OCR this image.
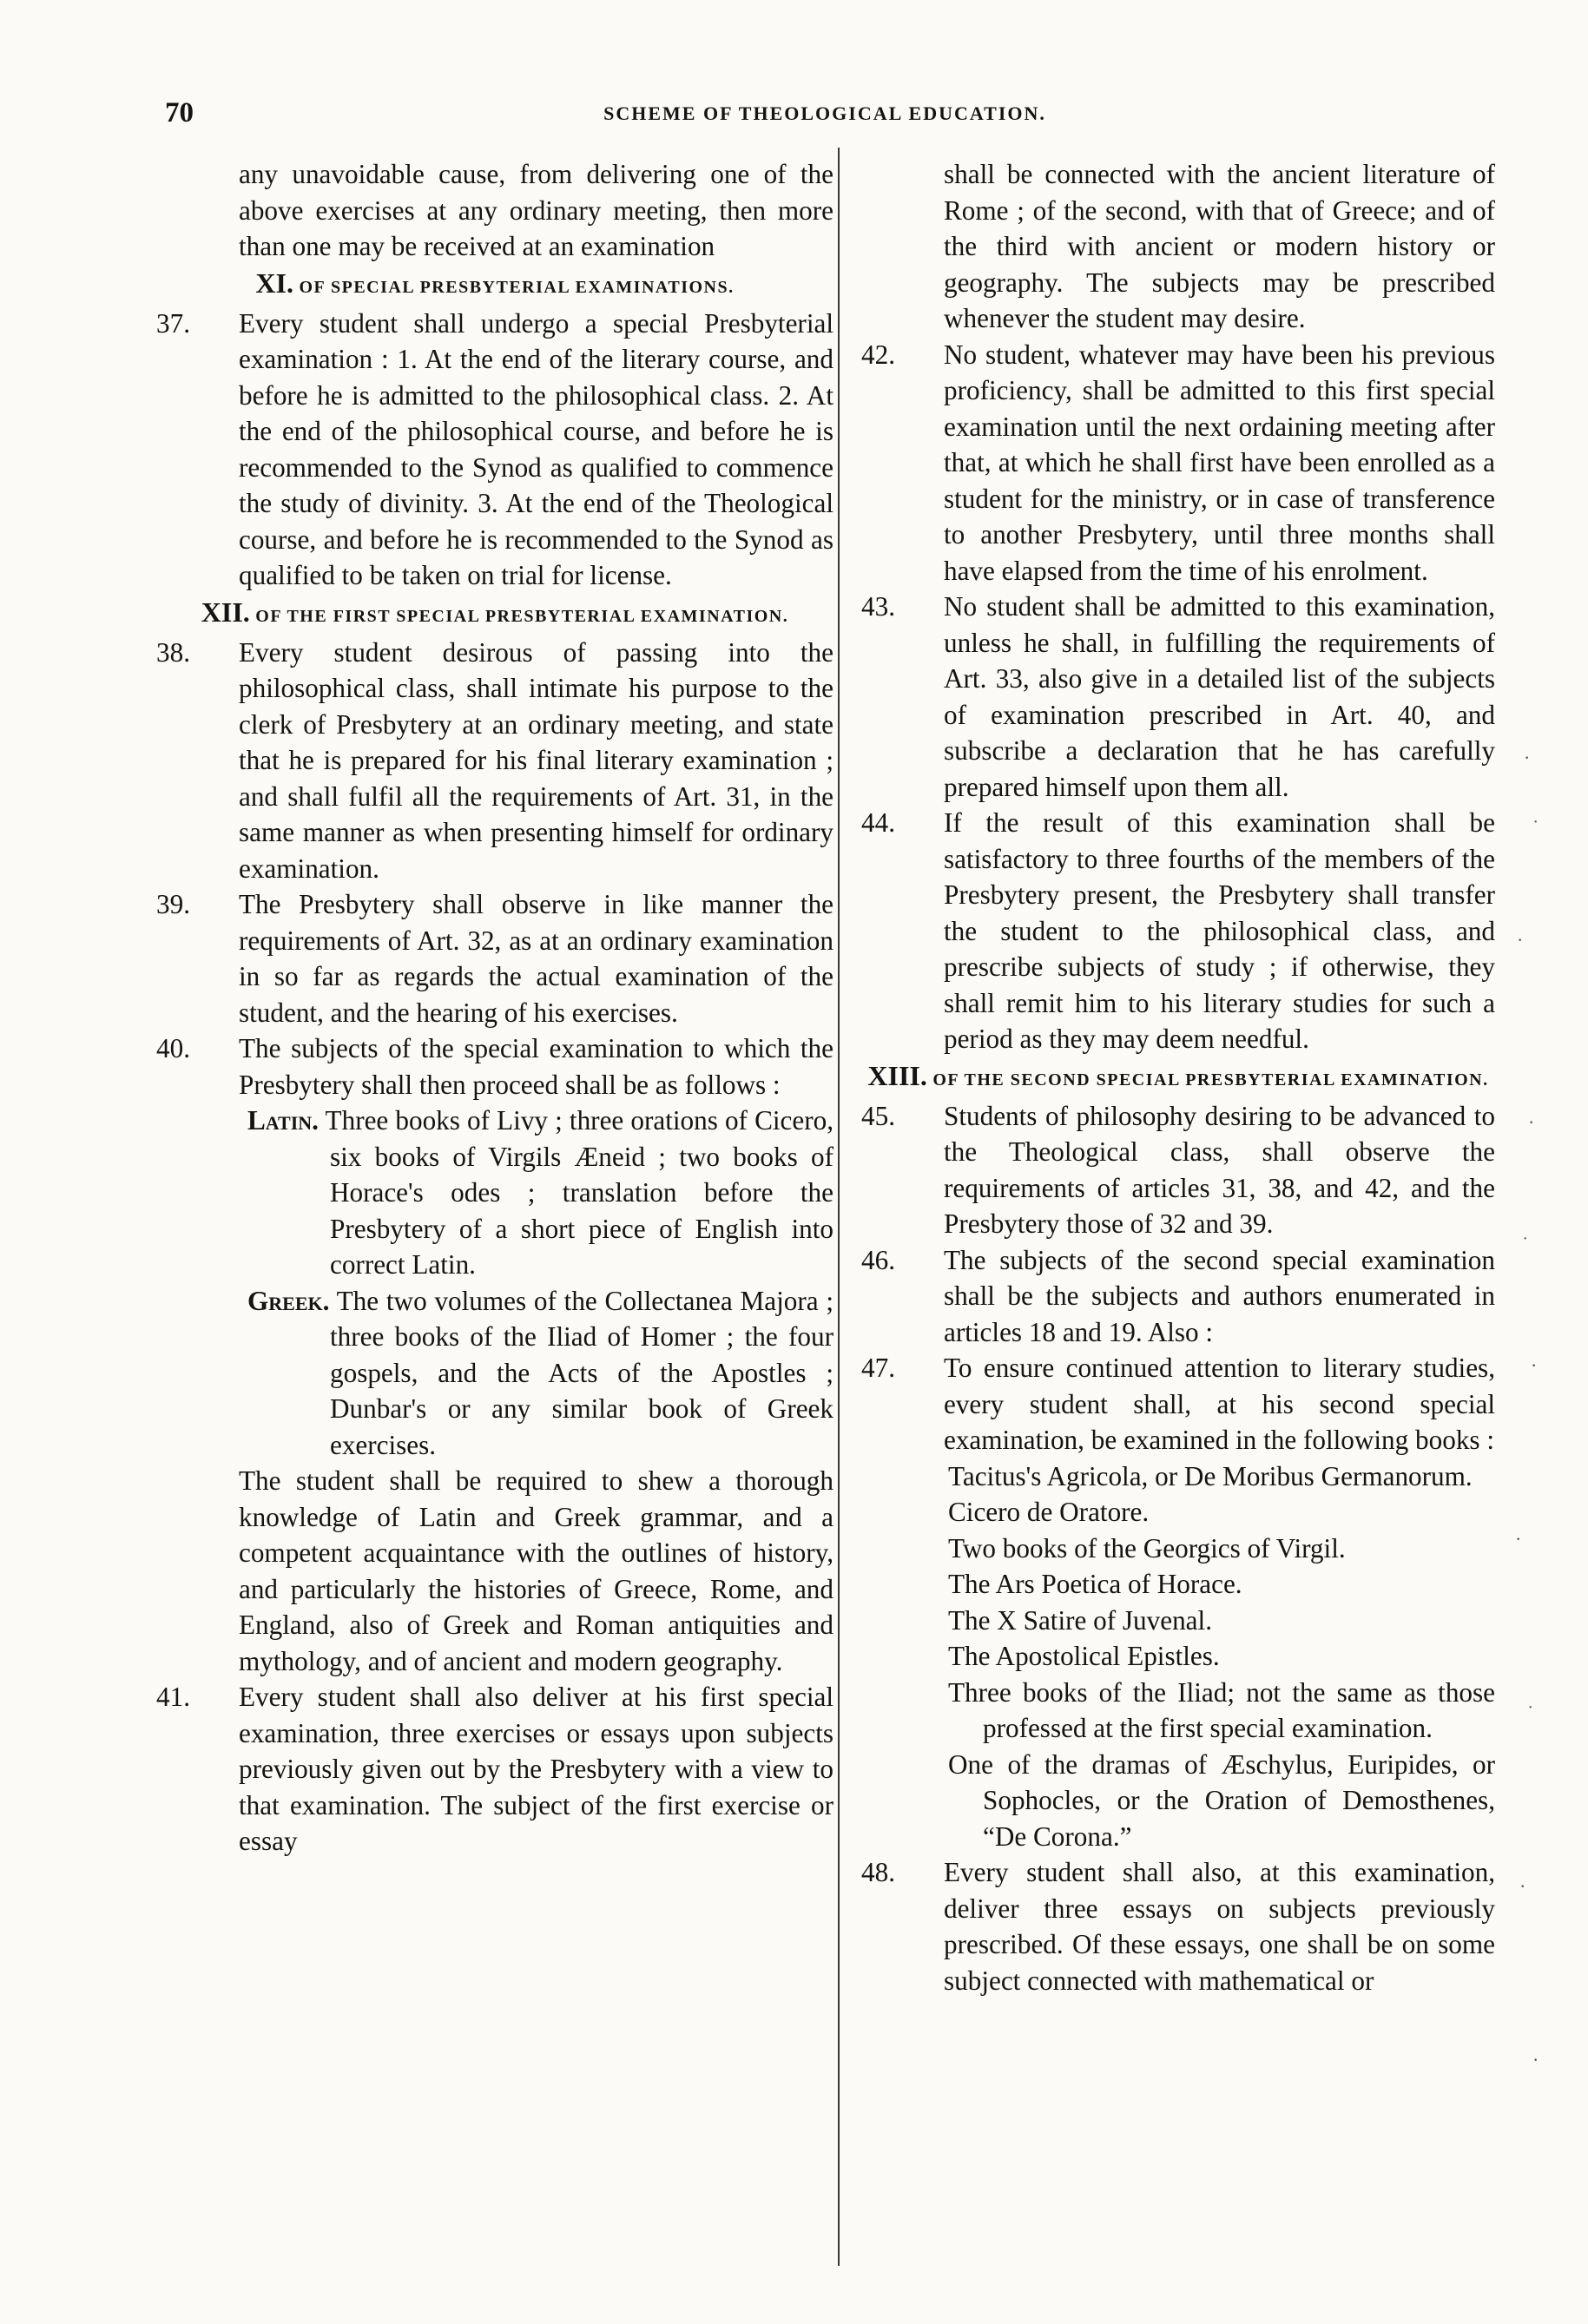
70	SCHEME OF THEOLOGICAL EDUCATION.

any unavoidable cause, from delivering one of the above exercises at any ordinary meeting, then more than one may be received at an examination

XI. OF SPECIAL PRESBYTERIAL EXAMINATIONS.

37. Every student shall undergo a special Presbyterial examination : 1. At the end of the literary course, and before he is admitted to the philosophical class. 2. At the end of the philosophical course, and before he is recommended to the Synod as qualified to commence the study of divinity. 3. At the end of the Theological course, and before he is recommended to the Synod as qualified to be taken on trial for license.

XII. OF THE FIRST SPECIAL PRESBYTERIAL EXAMINATION.

38. Every student desirous of passing into the philosophical class, shall intimate his purpose to the clerk of Presbytery at an ordinary meeting, and state that he is prepared for his final literary examination ; and shall fulfil all the requirements of Art. 31, in the same manner as when presenting himself for ordinary examination.

39. The Presbytery shall observe in like manner the requirements of Art. 32, as at an ordinary examination in so far as regards the actual examination of the student, and the hearing of his exercises.

40. The subjects of the special examination to which the Presbytery shall then proceed shall be as follows :

Latin. Three books of Livy ; three orations of Cicero, six books of Virgils Æneid ; two books of Horace's odes ; translation before the Presbytery of a short piece of English into correct Latin.

Greek. The two volumes of the Collectanea Majora ; three books of the Iliad of Homer ; the four gospels, and the Acts of the Apostles ; Dunbar's or any similar book of Greek exercises.

The student shall be required to shew a thorough knowledge of Latin and Greek grammar, and a competent acquaintance with the outlines of history, and particularly the histories of Greece, Rome, and England, also of Greek and Roman antiquities and mythology, and of ancient and modern geography.

41. Every student shall also deliver at his first special examination, three exercises or essays upon subjects previously given out by the Presbytery with a view to that examination. The subject of the first exercise or essay

shall be connected with the ancient literature of Rome ; of the second, with that of Greece; and of the third with ancient or modern history or geography. The subjects may be prescribed whenever the student may desire.

42. No student, whatever may have been his previous proficiency, shall be admitted to this first special examination until the next ordaining meeting after that, at which he shall first have been enrolled as a student for the ministry, or in case of transference to another Presbytery, until three months shall have elapsed from the time of his enrolment.

43. No student shall be admitted to this examination, unless he shall, in fulfilling the requirements of Art. 33, also give in a detailed list of the subjects of examination prescribed in Art. 40, and subscribe a declaration that he has carefully prepared himself upon them all.

44. If the result of this examination shall be satisfactory to three fourths of the members of the Presbytery present, the Presbytery shall transfer the student to the philosophical class, and prescribe subjects of study ; if otherwise, they shall remit him to his literary studies for such a period as they may deem needful.

XIII. OF THE SECOND SPECIAL PRESBYTERIAL EXAMINATION.

45. Students of philosophy desiring to be advanced to the Theological class, shall observe the requirements of articles 31, 38, and 42, and the Presbytery those of 32 and 39.

46. The subjects of the second special examination shall be the subjects and authors enumerated in articles 18 and 19. Also :

47. To ensure continued attention to literary studies, every student shall, at his second special examination, be examined in the following books :

Tacitus's Agricola, or De Moribus Germanorum.

Cicero de Oratore.

Two books of the Georgics of Virgil.

The Ars Poetica of Horace.

The X Satire of Juvenal.

The Apostolical Epistles.

Three books of the Iliad; not the same as those professed at the first special examination.

One of the dramas of Æschylus, Euripides, or Sophocles, or the Oration of Demosthenes, “De Corona.”

48. Every student shall also, at this examination, deliver three essays on subjects previously prescribed. Of these essays, one shall be on some subject connected with mathematical or

·
˙
·
·
˙
·
·
˙
·
·
